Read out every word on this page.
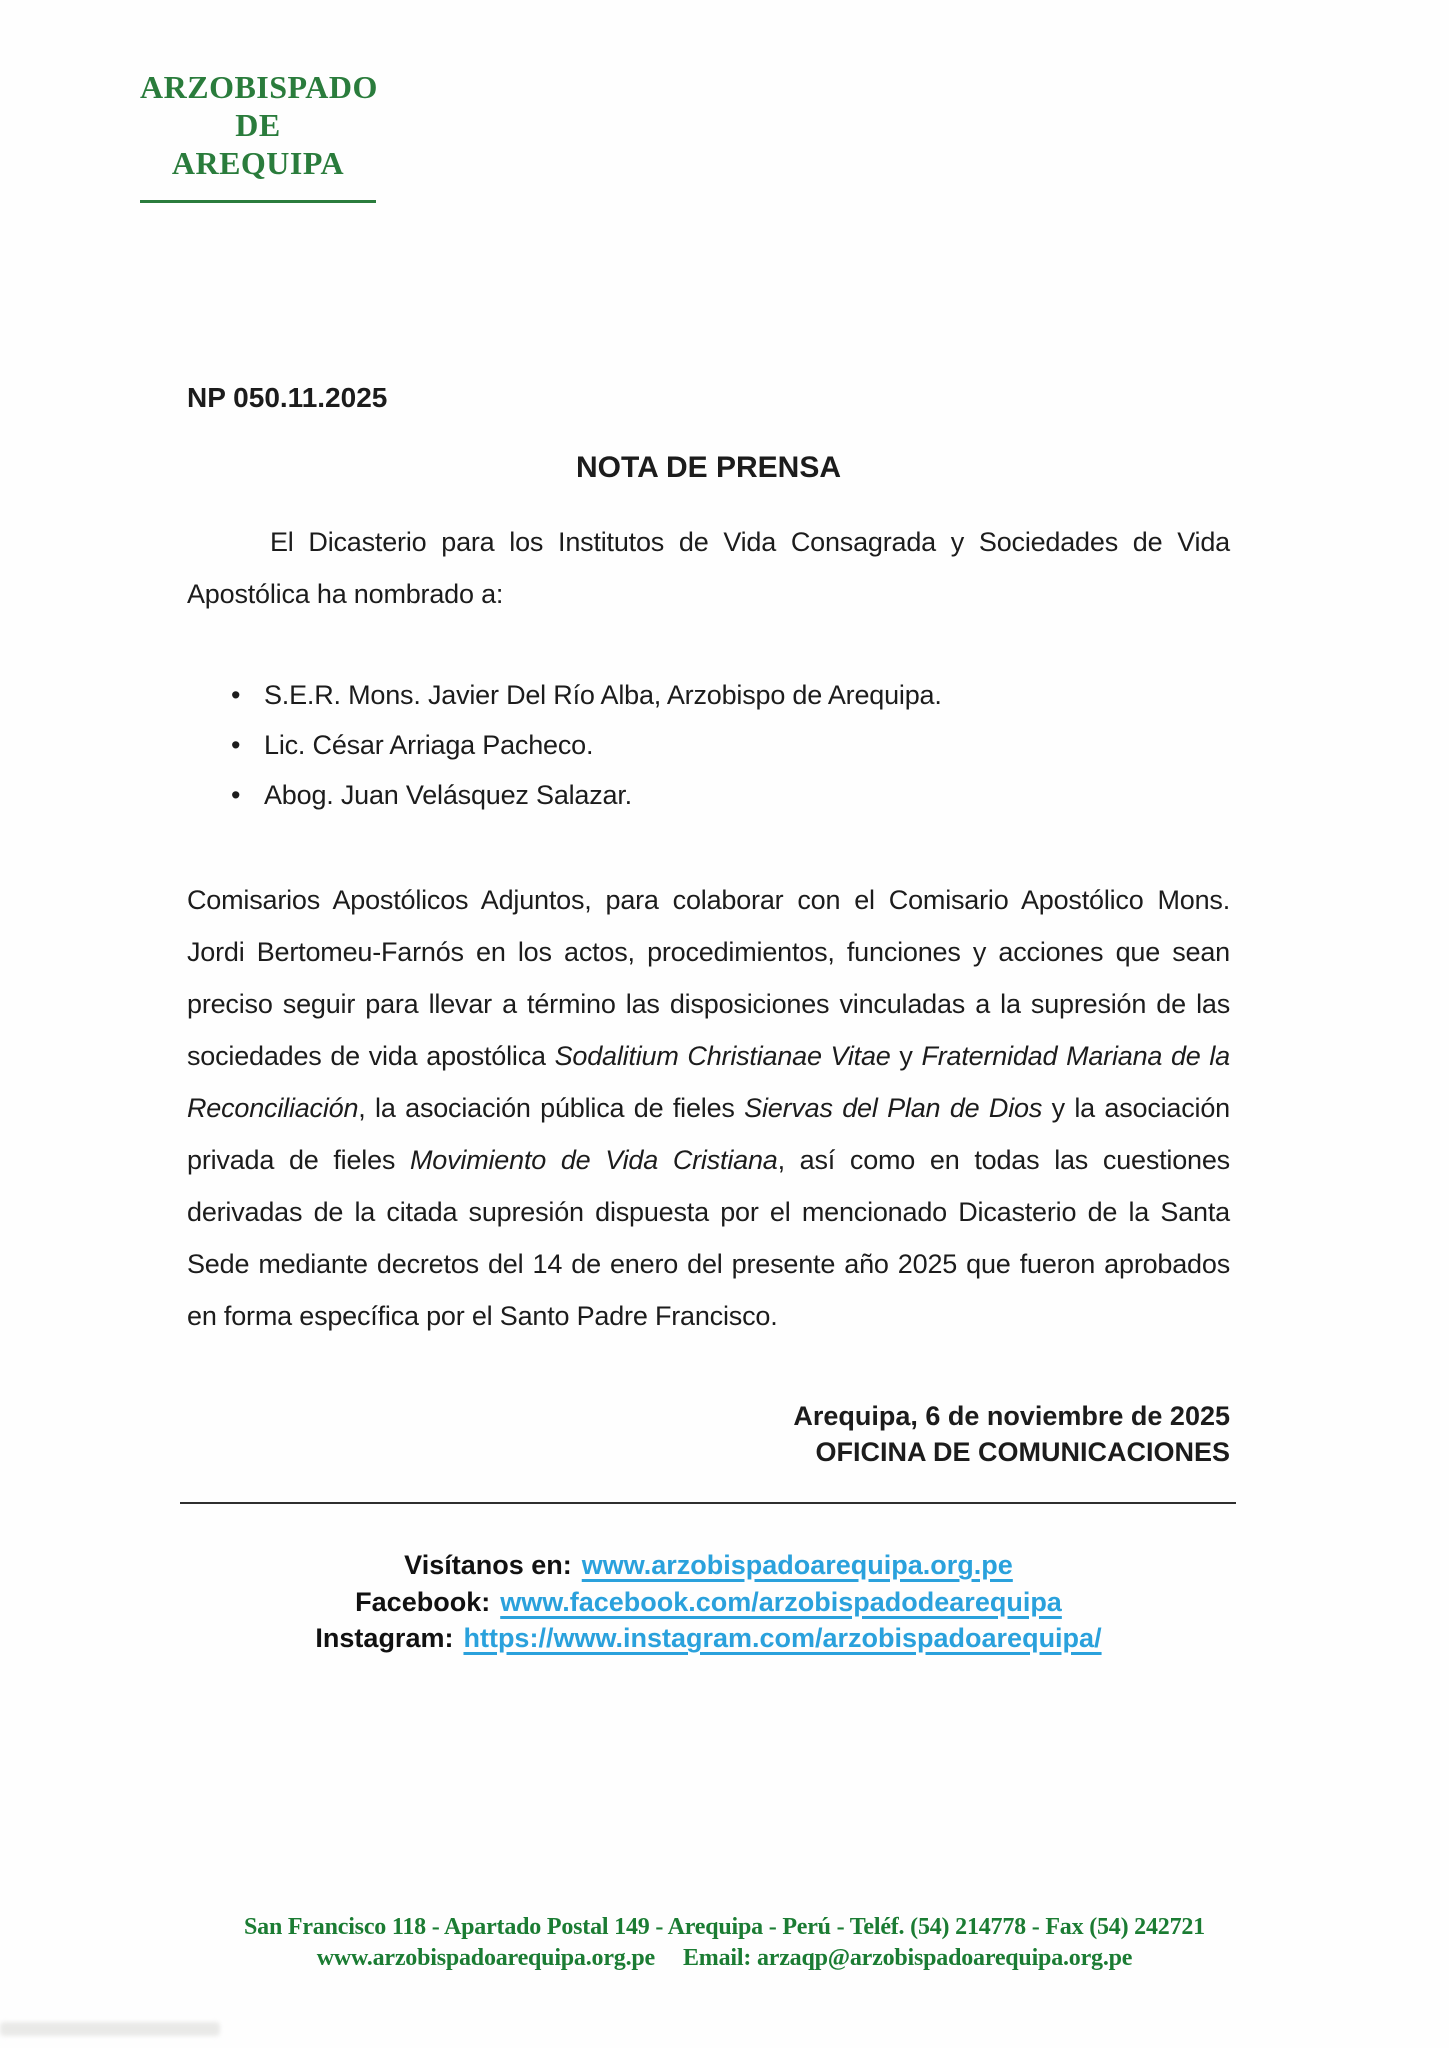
ARZOBISPADO
DE
AREQUIPA
NP 050.11.2025
NOTA DE PRENSA

El Dicasterio para los Institutos de Vida Consagrada y Sociedades de Vida Apostólica ha nombrado a:

• S.E.R. Mons. Javier Del Río Alba, Arzobispo de Arequipa.
• Lic. César Arriaga Pacheco.
• Abog. Juan Velásquez Salazar.

Comisarios Apostólicos Adjuntos, para colaborar con el Comisario Apostólico Mons. Jordi Bertomeu-Farnós en los actos, procedimientos, funciones y acciones que sean preciso seguir para llevar a término las disposiciones vinculadas a la supresión de las sociedades de vida apostólica Sodalitium Christianae Vitae y Fraternidad Mariana de la Reconciliación, la asociación pública de fieles Siervas del Plan de Dios y la asociación privada de fieles Movimiento de Vida Cristiana, así como en todas las cuestiones derivadas de la citada supresión dispuesta por el mencionado Dicasterio de la Santa Sede mediante decretos del 14 de enero del presente año 2025 que fueron aprobados en forma específica por el Santo Padre Francisco.

Arequipa, 6 de noviembre de 2025
OFICINA DE COMUNICACIONES
Visítanos en: www.arzobispadoarequipa.org.pe
Facebook: www.facebook.com/arzobispadodearequipa
Instagram: https://www.instagram.com/arzobispadoarequipa/
San Francisco 118 - Apartado Postal 149 - Arequipa - Perú - Teléf. (54) 214778 - Fax (54) 242721
www.arzobispadoarequipa.org.pe Email: arzaqp@arzobispadoarequipa.org.pe
